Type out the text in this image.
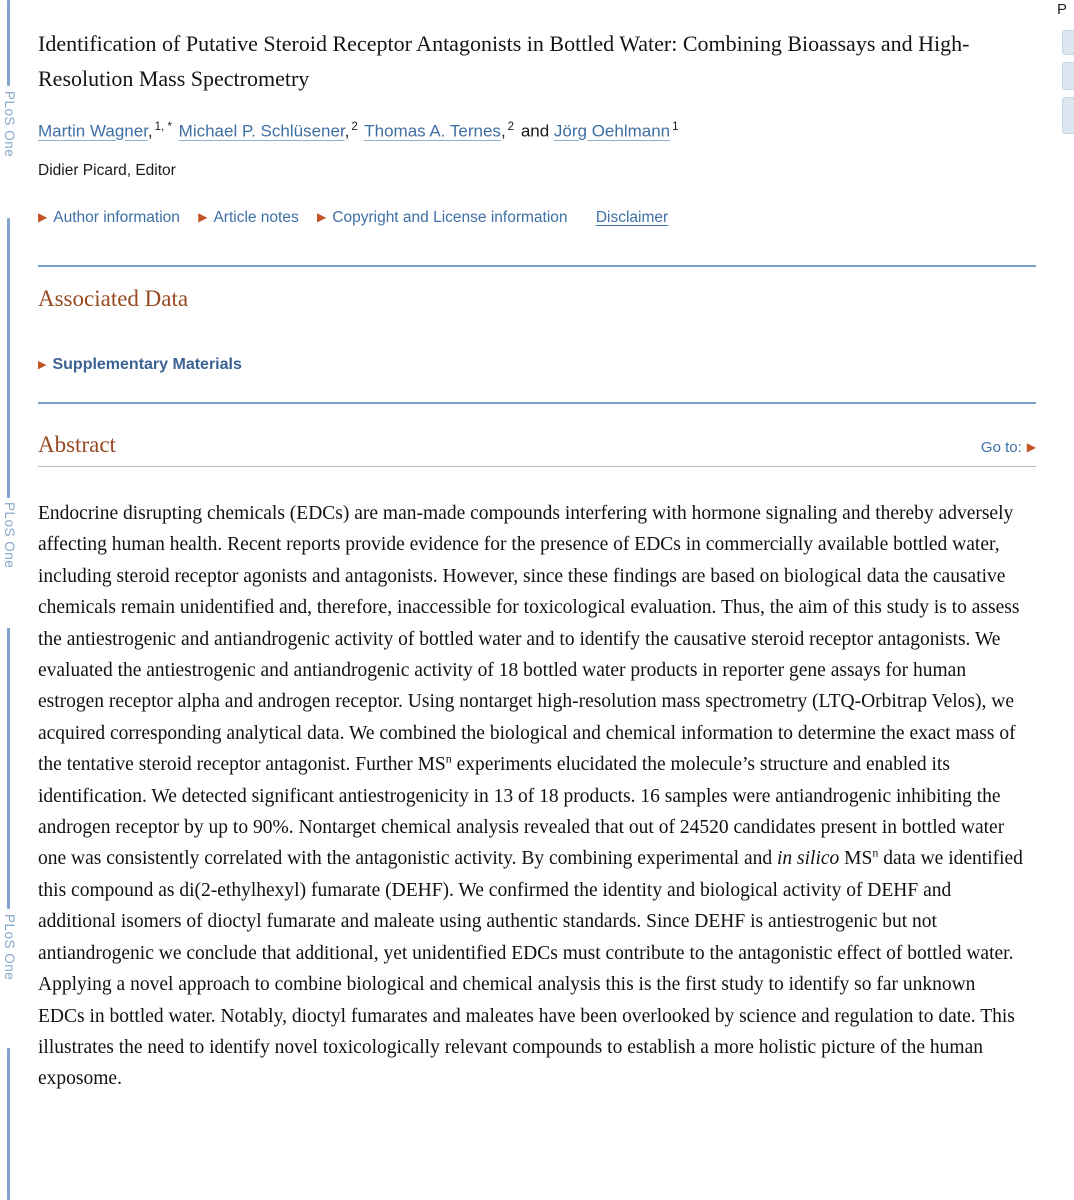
PLoS One
PLoS One
PLoS One
P
Identification of Putative Steroid Receptor Antagonists in Bottled Water: Combining Bioassays and High-Resolution Mass Spectrometry
Martin Wagner, $^{1, *}$ Michael P. Schlüsener, $^2$ Thomas A. Ternes, $^2$ and Jörg Oehlmann $^1$
Didier Picard, Editor
▶ Author information ▶ Article notes ▶ Copyright and License information Disclaimer
Associated Data
▶ Supplementary Materials
Abstract	Go to: ▶

Endocrine disrupting chemicals (EDCs) are man-made compounds interfering with hormone signaling and thereby adversely affecting human health. Recent reports provide evidence for the presence of EDCs in commercially available bottled water, including steroid receptor agonists and antagonists. However, since these findings are based on biological data the causative chemicals remain unidentified and, therefore, inaccessible for toxicological evaluation. Thus, the aim of this study is to assess the antiestrogenic and antiandrogenic activity of bottled water and to identify the causative steroid receptor antagonists. We evaluated the antiestrogenic and antiandrogenic activity of 18 bottled water products in reporter gene assays for human estrogen receptor alpha and androgen receptor. Using nontarget high-resolution mass spectrometry (LTQ-Orbitrap Velos), we acquired corresponding analytical data. We combined the biological and chemical information to determine the exact mass of the tentative steroid receptor antagonist. Further $MS^n$ experiments elucidated the molecule’s structure and enabled its identification. We detected significant antiestrogenicity in 13 of 18 products. 16 samples were antiandrogenic inhibiting the androgen receptor by up to 90%. Nontarget chemical analysis revealed that out of 24520 candidates present in bottled water one was consistently correlated with the antagonistic activity. By combining experimental and in silico $MS^n$ data we identified this compound as di(2-ethylhexyl) fumarate (DEHF). We confirmed the identity and biological activity of DEHF and additional isomers of dioctyl fumarate and maleate using authentic standards. Since DEHF is antiestrogenic but not antiandrogenic we conclude that additional, yet unidentified EDCs must contribute to the antagonistic effect of bottled water. Applying a novel approach to combine biological and chemical analysis this is the first study to identify so far unknown EDCs in bottled water. Notably, dioctyl fumarates and maleates have been overlooked by science and regulation to date. This illustrates the need to identify novel toxicologically relevant compounds to establish a more holistic picture of the human exposome.
